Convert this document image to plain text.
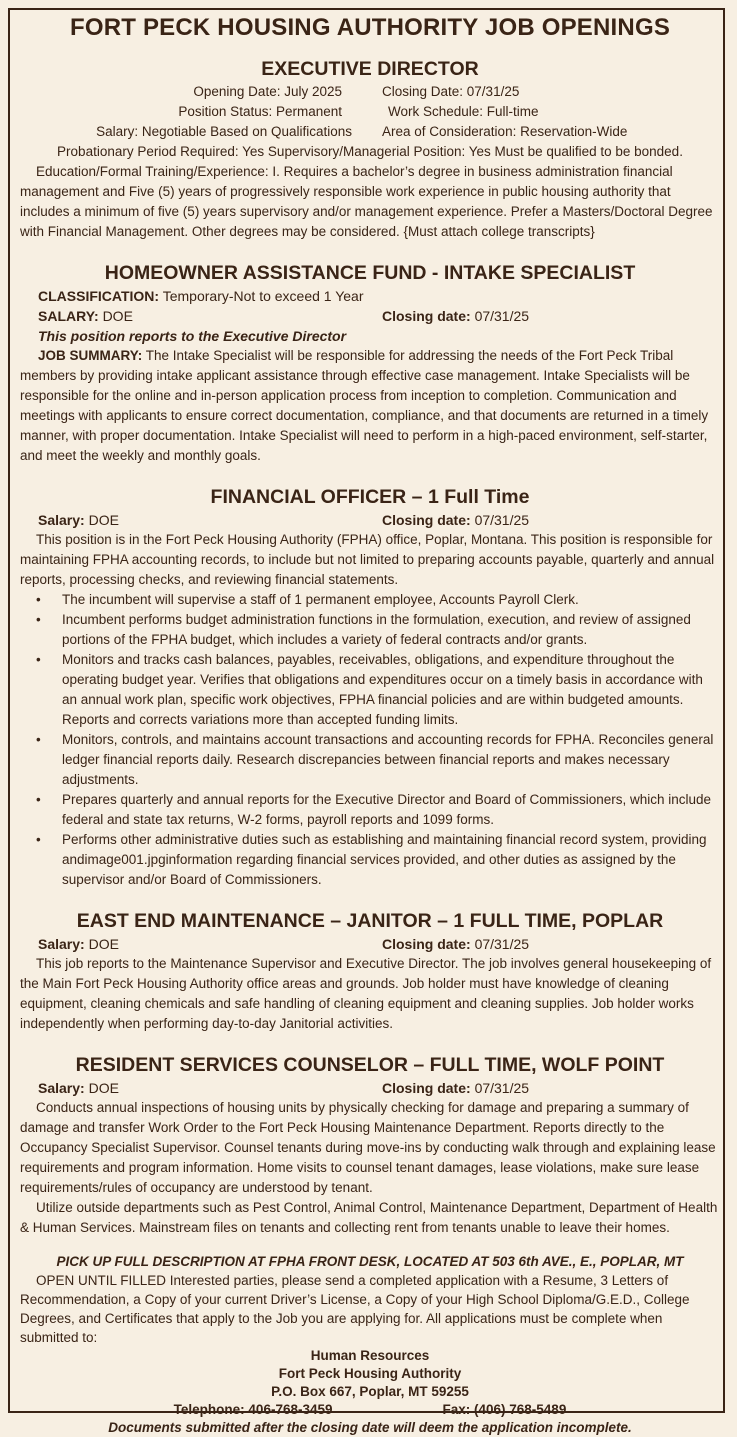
FORT PECK HOUSING AUTHORITY JOB OPENINGS
EXECUTIVE DIRECTOR
Opening Date: July 2025	Closing Date: 07/31/25
Position Status: Permanent	Work Schedule: Full-time
Salary: Negotiable Based on Qualifications	Area of Consideration: Reservation-Wide

Probationary Period Required: Yes Supervisory/Managerial Position: Yes Must be qualified to be bonded.

Education/Formal Training/Experience: I. Requires a bachelor’s degree in business administration financial management and Five (5) years of progressively responsible work experience in public housing authority that includes a minimum of five (5) years supervisory and/or management experience. Prefer a Masters/Doctoral Degree with Financial Management. Other degrees may be considered. {Must attach college transcripts}

HOMEOWNER ASSISTANCE FUND - INTAKE SPECIALIST
CLASSIFICATION: Temporary-Not to exceed 1 Year
SALARY: DOE	Closing date: 07/31/25
This position reports to the Executive Director

JOB SUMMARY: The Intake Specialist will be responsible for addressing the needs of the Fort Peck Tribal members by providing intake applicant assistance through effective case management. Intake Specialists will be responsible for the online and in-person application process from inception to completion. Communication and meetings with applicants to ensure correct documentation, compliance, and that documents are returned in a timely manner, with proper documentation. Intake Specialist will need to perform in a high-paced environment, self-starter, and meet the weekly and monthly goals.

FINANCIAL OFFICER – 1 Full Time
Salary: DOE	Closing date: 07/31/25

This position is in the Fort Peck Housing Authority (FPHA) office, Poplar, Montana. This position is responsible for maintaining FPHA accounting records, to include but not limited to preparing accounts payable, quarterly and annual reports, processing checks, and reviewing financial statements.

• The incumbent will supervise a staff of 1 permanent employee, Accounts Payroll Clerk.
• Incumbent performs budget administration functions in the formulation, execution, and review of assigned portions of the FPHA budget, which includes a variety of federal contracts and/or grants.
• Monitors and tracks cash balances, payables, receivables, obligations, and expenditure throughout the operating budget year. Verifies that obligations and expenditures occur on a timely basis in accordance with an annual work plan, specific work objectives, FPHA financial policies and are within budgeted amounts. Reports and corrects variations more than accepted funding limits.
• Monitors, controls, and maintains account transactions and accounting records for FPHA. Reconciles general ledger financial reports daily. Research discrepancies between financial reports and makes necessary adjustments.
• Prepares quarterly and annual reports for the Executive Director and Board of Commissioners, which include federal and state tax returns, W-2 forms, payroll reports and 1099 forms.
• Performs other administrative duties such as establishing and maintaining financial record system, providing andimage001.jpginformation regarding financial services provided, and other duties as assigned by the supervisor and/or Board of Commissioners.
EAST END MAINTENANCE – JANITOR – 1 FULL TIME, POPLAR
Salary: DOE	Closing date: 07/31/25

This job reports to the Maintenance Supervisor and Executive Director. The job involves general housekeeping of the Main Fort Peck Housing Authority office areas and grounds. Job holder must have knowledge of cleaning equipment, cleaning chemicals and safe handling of cleaning equipment and cleaning supplies. Job holder works independently when performing day-to-day Janitorial activities.

RESIDENT SERVICES COUNSELOR – FULL TIME, WOLF POINT
Salary: DOE	Closing date: 07/31/25

Conducts annual inspections of housing units by physically checking for damage and preparing a summary of damage and transfer Work Order to the Fort Peck Housing Maintenance Department. Reports directly to the Occupancy Specialist Supervisor. Counsel tenants during move-ins by conducting walk through and explaining lease requirements and program information. Home visits to counsel tenant damages, lease violations, make sure lease requirements/rules of occupancy are understood by tenant.

Utilize outside departments such as Pest Control, Animal Control, Maintenance Department, Department of Health & Human Services. Mainstream files on tenants and collecting rent from tenants unable to leave their homes.

PICK UP FULL DESCRIPTION AT FPHA FRONT DESK, LOCATED AT 503 6th AVE., E., POPLAR, MT

OPEN UNTIL FILLED Interested parties, please send a completed application with a Resume, 3 Letters of Recommendation, a Copy of your current Driver’s License, a Copy of your High School Diploma/G.E.D., College Degrees, and Certificates that apply to the Job you are applying for. All applications must be complete when submitted to:

Human Resources
Fort Peck Housing Authority
P.O. Box 667, Poplar, MT 59255
Telephone: 406-768-3459	Fax: (406) 768-5489
Documents submitted after the closing date will deem the application incomplete.
